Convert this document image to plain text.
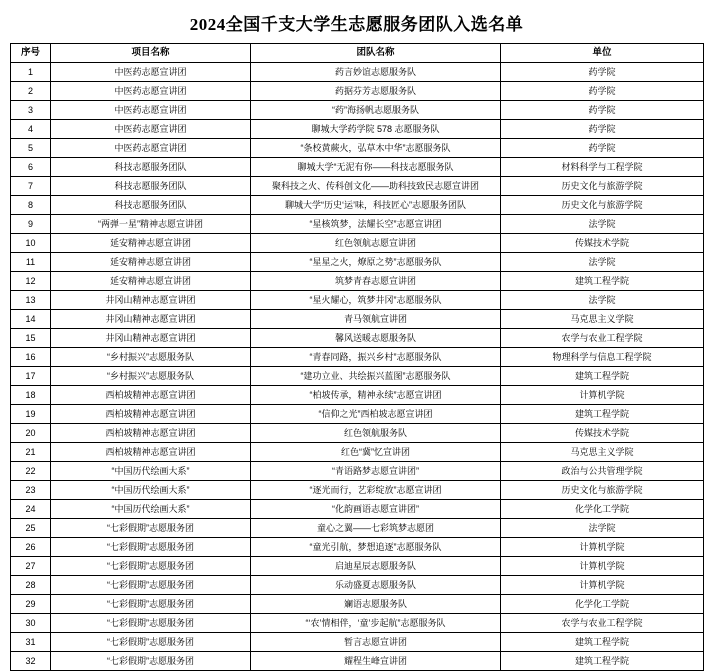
2024全国千支大学生志愿服务团队入选名单
序号	项目名称	团队名称	单位
1	中医药志愿宣讲团	药言妙谊志愿服务队	药学院
2	中医药志愿宣讲团	药据芬芳志愿服务队	药学院
3	中医药志愿宣讲团	“药”海扬帆志愿服务队	药学院
4	中医药志愿宣讲团	聊城大学药学院 578 志愿服务队	药学院
5	中医药志愿宣讲团	“条校黄蕨火，弘草木中华”志愿服务队	药学院
6	科技志愿服务团队	聊城大学“无泥有你——科技志愿服务队	材料科学与工程学院
7	科技志愿服务团队	聚科技之火、传科创文化——助科技致民志愿宣讲团	历史文化与旅游学院
8	科技志愿服务团队	聊城大学“历史‘运’味，科技匠心”志愿服务团队	历史文化与旅游学院
9	“两弹一星”精神志愿宣讲团	“星核筑梦，法耀长空”志愿宣讲团	法学院
10	延安精神志愿宣讲团	红色领航志愿宣讲团	传媒技术学院
11	延安精神志愿宣讲团	“星星之火，燎原之势”志愿服务队	法学院
12	延安精神志愿宣讲团	筑梦青春志愿宣讲团	建筑工程学院
13	井冈山精神志愿宣讲团	“星火耀心，筑梦井冈”志愿服务队	法学院
14	井冈山精神志愿宣讲团	青马领航宣讲团	马克思主义学院
15	井冈山精神志愿宣讲团	馨风送暖志愿服务队	农学与农业工程学院
16	“乡村振兴”志愿服务队	“青春同路，振兴乡村”志愿服务队	物理科学与信息工程学院
17	“乡村振兴”志愿服务队	“建功立业、共绘振兴蓝图”志愿服务队	建筑工程学院
18	西柏坡精神志愿宣讲团	“柏坡传承，精神永续”志愿宣讲团	计算机学院
19	西柏坡精神志愿宣讲团	“信仰之光”西柏坡志愿宣讲团	建筑工程学院
20	西柏坡精神志愿宣讲团	红色领航服务队	传媒技术学院
21	西柏坡精神志愿宣讲团	红色“冀”忆宣讲团	马克思主义学院
22	“中国历代绘画大系”	“青语路梦志愿宣讲团”	政治与公共管理学院
23	“中国历代绘画大系”	“逐光而行，艺彩绽放”志愿宣讲团	历史文化与旅游学院
24	“中国历代绘画大系”	“化韵画语志愿宣讲团”	化学化工学院
25	“七彩假期”志愿服务团	童心之翼——七彩筑梦志愿团	法学院
26	“七彩假期”志愿服务团	“童光引航，梦想追逐”志愿服务队	计算机学院
27	“七彩假期”志愿服务团	启迪星辰志愿服务队	计算机学院
28	“七彩假期”志愿服务团	乐动盛夏志愿服务队	计算机学院
29	“七彩假期”志愿服务团	斓语志愿服务队	化学化工学院
30	“七彩假期”志愿服务团	“‘农’情相伴，‘童’步起航”志愿服务队	农学与农业工程学院
31	“七彩假期”志愿服务团	暂言志愿宣讲团	建筑工程学院
32	“七彩假期”志愿服务团	耀程生峰宣讲团	建筑工程学院
